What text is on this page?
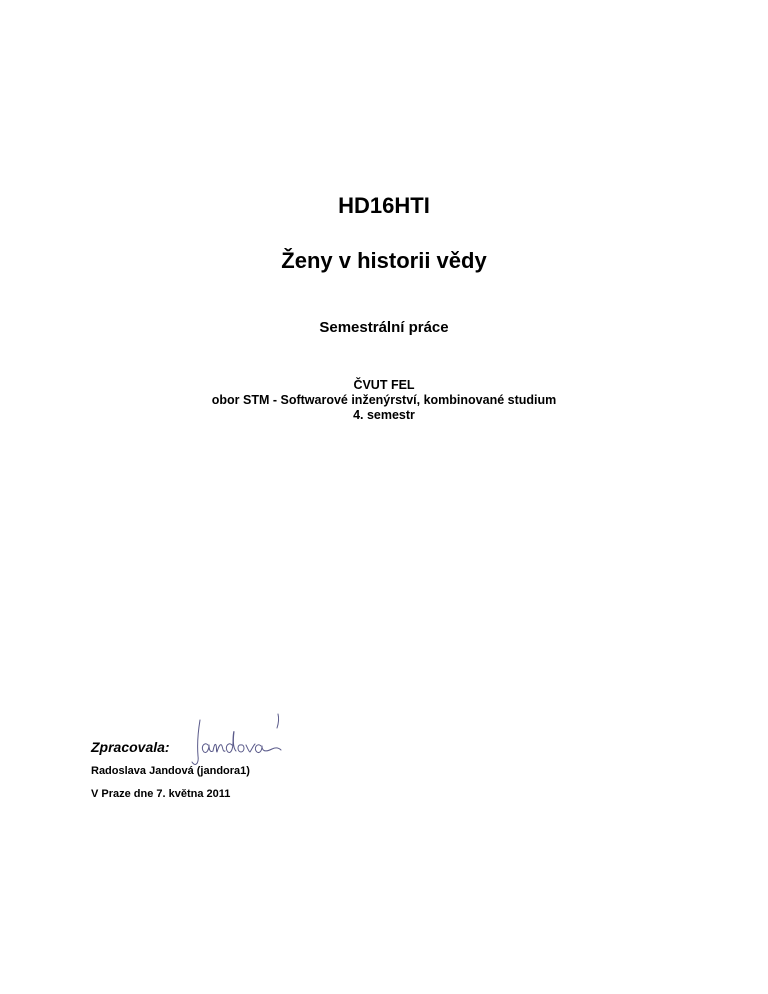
HD16HTI
Ženy v historii vědy
Semestrální práce
ČVUT FEL
obor STM - Softwarové inženýrství, kombinované studium
4. semestr
Zpracovala:
Radoslava Jandová (jandora1)
V Praze dne 7. května 2011
